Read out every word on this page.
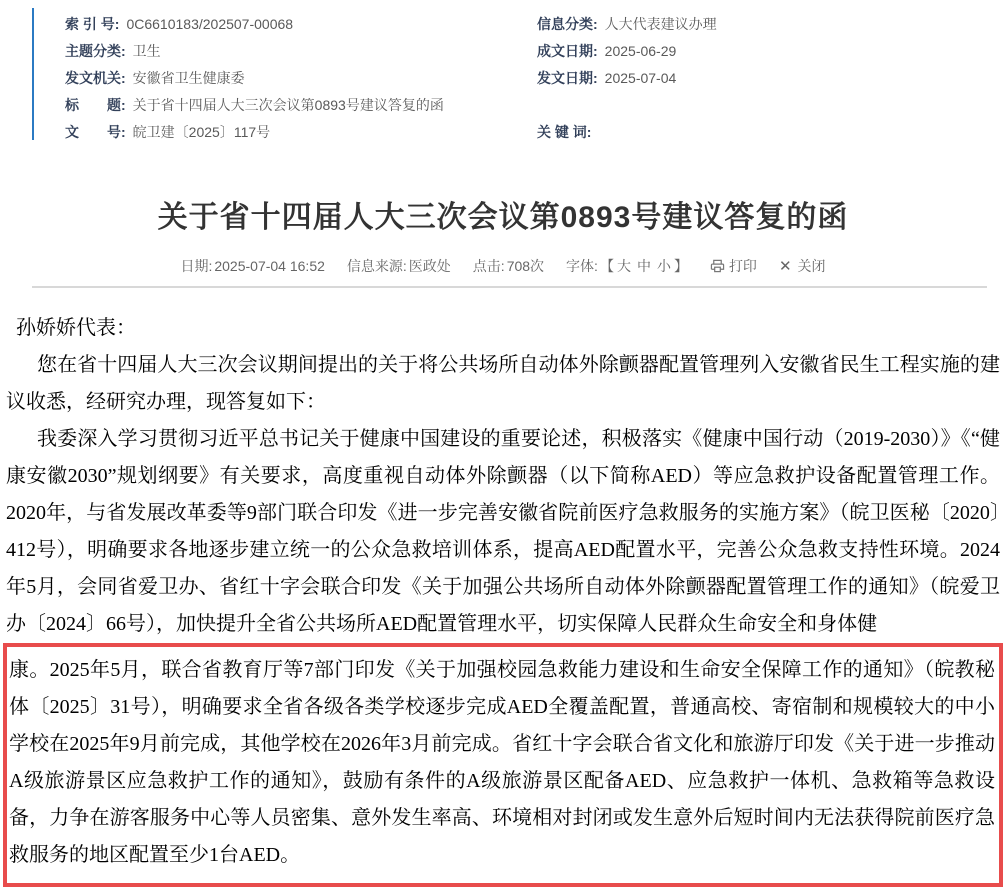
索 引 号: 0C6610183/202507-00068	信息分类: 人大代表建议办理
主题分类: 卫生	成文日期: 2025-06-29
发文机关: 安徽省卫生健康委	发文日期: 2025-07-04
标　　题: 关于省十四届人大三次会议第0893号建议答复的函
文　　号: 皖卫建〔2025〕117号	关 键 词:
关于省十四届人大三次会议第0893号建议答复的函
日期: 2025-07-04 16:52 信息来源: 医政处 点击: 708次 字体: 【 大 中 小 】	打印 ✕ 关闭

孙娇娇代表：

您在省十四届人大三次会议期间提出的关于将公共场所自动体外除颤器配置管理列入安徽省民生工程实施的建议收悉，经研究办理，现答复如下：

我委深入学习贯彻习近平总书记关于健康中国建设的重要论述，积极落实《健康中国行动（2019-2030）》《“健康安徽2030”规划纲要》有关要求，高度重视自动体外除颤器（以下简称AED）等应急救护设备配置管理工作。2020年，与省发展改革委等9部门联合印发《进一步完善安徽省院前医疗急救服务的实施方案》（皖卫医秘〔2020〕412号），明确要求各地逐步建立统一的公众急救培训体系，提高AED配置水平，完善公众急救支持性环境。2024年5月，会同省爱卫办、省红十字会联合印发《关于加强公共场所自动体外除颤器配置管理工作的通知》（皖爱卫办〔2024〕66号），加快提升全省公共场所AED配置管理水平，切实保障人民群众生命安全和身体健

康。2025年5月，联合省教育厅等7部门印发《关于加强校园急救能力建设和生命安全保障工作的通知》（皖教秘体〔2025〕31号），明确要求全省各级各类学校逐步完成AED全覆盖配置，普通高校、寄宿制和规模较大的中小学校在2025年9月前完成，其他学校在2026年3月前完成。省红十字会联合省文化和旅游厅印发《关于进一步推动A级旅游景区应急救护工作的通知》，鼓励有条件的A级旅游景区配备AED、应急救护一体机、急救箱等急救设备，力争在游客服务中心等人员密集、意外发生率高、环境相对封闭或发生意外后短时间内无法获得院前医疗急救服务的地区配置至少1台AED。
